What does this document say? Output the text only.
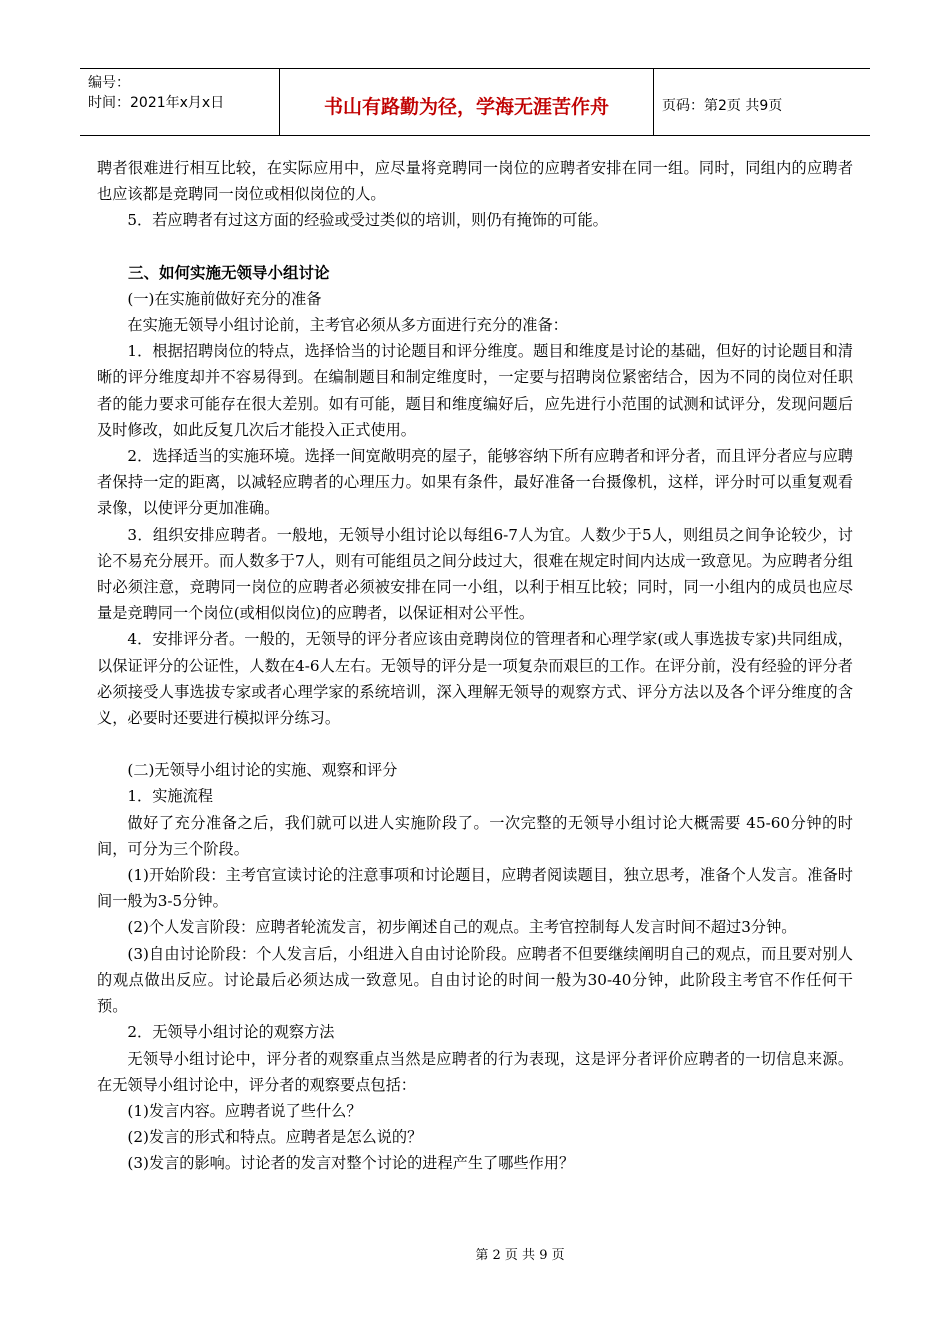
编号：
时间：2021年x月x日	书山有路勤为径，学海无涯苦作舟	页码：第2页 共9页

聘者很难进行相互比较，在实际应用中，应尽量将竞聘同一岗位的应聘者安排在同一组。同时，同组内的应聘者也应该都是竞聘同一岗位或相似岗位的人。

5．若应聘者有过这方面的经验或受过类似的培训，则仍有掩饰的可能。

三、如何实施无领导小组讨论

(一)在实施前做好充分的准备

在实施无领导小组讨论前，主考官必须从多方面进行充分的准备：

1．根据招聘岗位的特点，选择恰当的讨论题目和评分维度。题目和维度是讨论的基础，但好的讨论题目和清晰的评分维度却并不容易得到。在编制题目和制定维度时，一定要与招聘岗位紧密结合，因为不同的岗位对任职者的能力要求可能存在很大差别。如有可能，题目和维度编好后，应先进行小范围的试测和试评分，发现问题后及时修改，如此反复几次后才能投入正式使用。

2．选择适当的实施环境。选择一间宽敞明亮的屋子，能够容纳下所有应聘者和评分者，而且评分者应与应聘者保持一定的距离，以减轻应聘者的心理压力。如果有条件，最好准备一台摄像机，这样，评分时可以重复观看录像，以使评分更加准确。

3．组织安排应聘者。一般地，无领导小组讨论以每组6-7人为宜。人数少于5人，则组员之间争论较少，讨论不易充分展开。而人数多于7人，则有可能组员之间分歧过大，很难在规定时间内达成一致意见。为应聘者分组时必须注意，竞聘同一岗位的应聘者必须被安排在同一小组，以利于相互比较；同时，同一小组内的成员也应尽量是竞聘同一个岗位(或相似岗位)的应聘者，以保证相对公平性。

4．安排评分者。一般的，无领导的评分者应该由竞聘岗位的管理者和心理学家(或人事选拔专家)共同组成，以保证评分的公证性，人数在4-6人左右。无领导的评分是一项复杂而艰巨的工作。在评分前，没有经验的评分者必须接受人事选拔专家或者心理学家的系统培训，深入理解无领导的观察方式、评分方法以及各个评分维度的含义，必要时还要进行模拟评分练习。

(二)无领导小组讨论的实施、观察和评分

1．实施流程

做好了充分准备之后，我们就可以进人实施阶段了。一次完整的无领导小组讨论大概需要 45-60分钟的时间，可分为三个阶段。

(1)开始阶段：主考官宣读讨论的注意事项和讨论题目，应聘者阅读题目，独立思考，准备个人发言。准备时间一般为3-5分钟。

(2)个人发言阶段：应聘者轮流发言，初步阐述自己的观点。主考官控制每人发言时间不超过3分钟。

(3)自由讨论阶段：个人发言后，小组进入自由讨论阶段。应聘者不但要继续阐明自己的观点，而且要对别人的观点做出反应。讨论最后必须达成一致意见。自由讨论的时间一般为30-40分钟，此阶段主考官不作任何干预。

2．无领导小组讨论的观察方法

无领导小组讨论中，评分者的观察重点当然是应聘者的行为表现，这是评分者评价应聘者的一切信息来源。在无领导小组讨论中，评分者的观察要点包括：

(1)发言内容。应聘者说了些什么？

(2)发言的形式和特点。应聘者是怎么说的？

(3)发言的影响。讨论者的发言对整个讨论的进程产生了哪些作用？

第 2 页 共 9 页
